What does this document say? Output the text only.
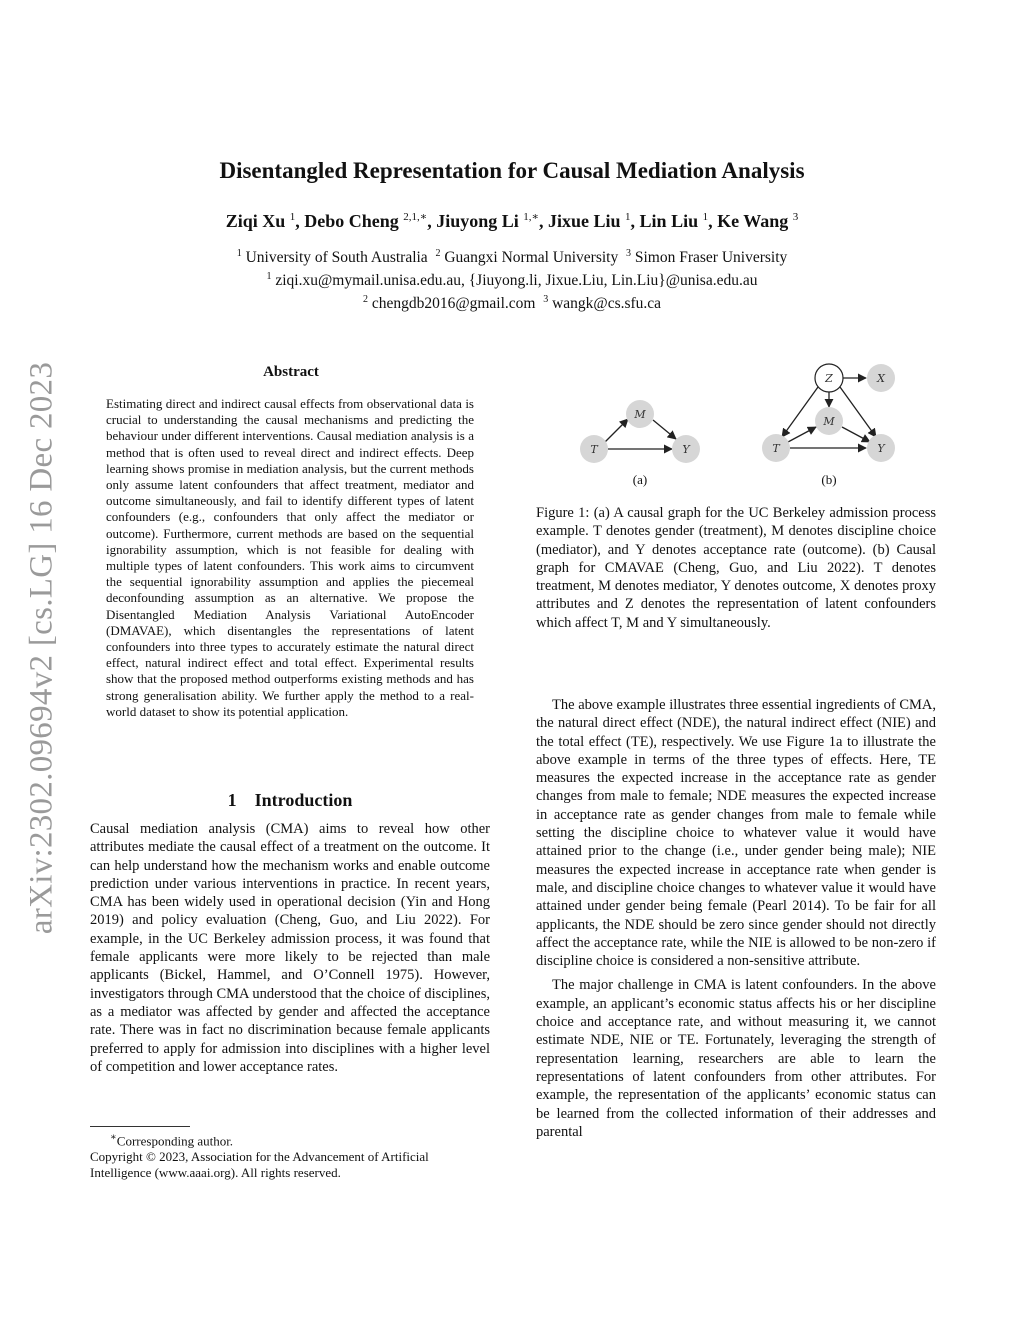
arXiv:2302.09694v2 [cs.LG] 16 Dec 2023
Disentangled Representation for Causal Mediation Analysis
Ziqi Xu $^1$, Debo Cheng $^{2,1,∗}$, Jiuyong Li $^{1,∗}$, Jixue Liu $^1$, Lin Liu $^1$, Ke Wang $^3$
$^1$ University of South Australia $^2$ Guangxi Normal University $^3$ Simon Fraser University
$^1$ ziqi.xu@mymail.unisa.edu.au, {Jiuyong.li, Jixue.Liu, Lin.Liu}@unisa.edu.au
$^2$ chengdb2016@gmail.com $^3$ wangk@cs.sfu.ca
Abstract
Estimating direct and indirect causal effects from observational data is crucial to understanding the causal mechanisms and predicting the behaviour under different interventions. Causal mediation analysis is a method that is often used to reveal direct and indirect effects. Deep learning shows promise in mediation analysis, but the current methods only assume latent confounders that affect treatment, mediator and outcome simultaneously, and fail to identify different types of latent confounders (e.g., confounders that only affect the mediator or outcome). Furthermore, current methods are based on the sequential ignorability assumption, which is not feasible for dealing with multiple types of latent confounders. This work aims to circumvent the sequential ignorability assumption and applies the piecemeal deconfounding assumption as an alternative. We propose the Disentangled Mediation Analysis Variational AutoEncoder (DMAVAE), which disentangles the representations of latent confounders into three types to accurately estimate the natural direct effect, natural indirect effect and total effect. Experimental results show that the proposed method outperforms existing methods and has strong generalisation ability. We further apply the method to a real-world dataset to show its potential application.
1 Introduction

Causal mediation analysis (CMA) aims to reveal how other attributes mediate the causal effect of a treatment on the outcome. It can help understand how the mechanism works and enable outcome prediction under various interventions in practice. In recent years, CMA has been widely used in operational decision (Yin and Hong 2019) and policy evaluation (Cheng, Guo, and Liu 2022). For example, in the UC Berkeley admission process, it was found that female applicants were more likely to be rejected than male applicants (Bickel, Hammel, and O’Connell 1975). However, investigators through CMA understood that the choice of disciplines, as a mediator was affected by gender and affected the acceptance rate. There was in fact no discrimination because female applicants preferred to apply for admission into disciplines with a higher level of competition and lower acceptance rates.

∗Corresponding author.

Copyright © 2023, Association for the Advancement of Artificial

Intelligence (www.aaai.org). All rights reserved.

M
T	Y
(a)
Z	X
M
T	Y
(b)
Figure 1: (a) A causal graph for the UC Berkeley admission process example. T denotes gender (treatment), M denotes discipline choice (mediator), and Y denotes acceptance rate (outcome). (b) Causal graph for CMAVAE (Cheng, Guo, and Liu 2022). T denotes treatment, M denotes mediator, Y denotes outcome, X denotes proxy attributes and Z denotes the representation of latent confounders which affect T, M and Y simultaneously.

The above example illustrates three essential ingredients of CMA, the natural direct effect (NDE), the natural indirect effect (NIE) and the total effect (TE), respectively. We use Figure 1a to illustrate the above example in terms of the three types of effects. Here, TE measures the expected increase in the acceptance rate as gender changes from male to female; NDE measures the expected increase in acceptance rate as gender changes from male to female while setting the discipline choice to whatever value it would have attained prior to the change (i.e., under gender being male); NIE measures the expected increase in acceptance rate when gender is male, and discipline choice changes to whatever value it would have attained under gender being female (Pearl 2014). To be fair for all applicants, the NDE should be zero since gender should not directly affect the acceptance rate, while the NIE is allowed to be non-zero if discipline choice is considered a non-sensitive attribute.

The major challenge in CMA is latent confounders. In the above example, an applicant’s economic status affects his or her discipline choice and acceptance rate, and without measuring it, we cannot estimate NDE, NIE or TE. Fortunately, leveraging the strength of representation learning, researchers are able to learn the representations of latent confounders from other attributes. For example, the representation of the applicants’ economic status can be learned from the collected information of their addresses and parental
